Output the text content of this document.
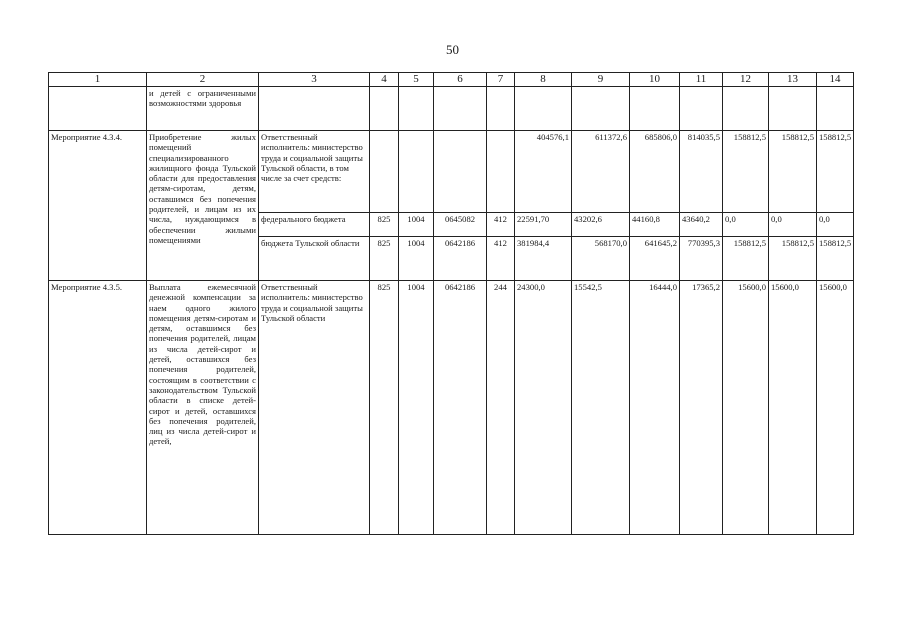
50
1	2	3	4	5	6	7	8	9	10	11	12	13	14
	и детей с ограниченными возможностями здоровья												
Мероприятие 4.3.4.	Приобретение жилых помещений специализированного жилищного фонда Тульской области для предоставления детям-сиротам, детям, оставшимся без попечения родителей, и лицам из их числа, нуждающимся в обеспечении жилыми помещениями	Ответственный исполнитель: министерство труда и социальной защиты Тульской области, в том числе за счет средств:					404576,1	611372,6	685806,0	814035,5	158812,5	158812,5	158812,5
		федерального бюджета	825	1004	0645082	412	22591,70	43202,6	44160,8	43640,2	0,0	0,0	0,0
		бюджета Тульской области	825	1004	0642186	412	381984,4	568170,0	641645,2	770395,3	158812,5	158812,5	158812,5
Мероприятие 4.3.5.	Выплата ежемесячной денежной компенсации за наем одного жилого помещения детям-сиротам и детям, оставшимся без попечения родителей, лицам из числа детей-сирот и детей, оставшихся без попечения родителей, состоящим в соответствии с законодательством Тульской области в списке детей-сирот и детей, оставшихся без попечения родителей, лиц из числа детей-сирот и детей,	Ответственный исполнитель: министерство труда и социальной защиты Тульской области	825	1004	0642186	244	24300,0	15542,5	16444,0	17365,2	15600,0	15600,0	15600,0
